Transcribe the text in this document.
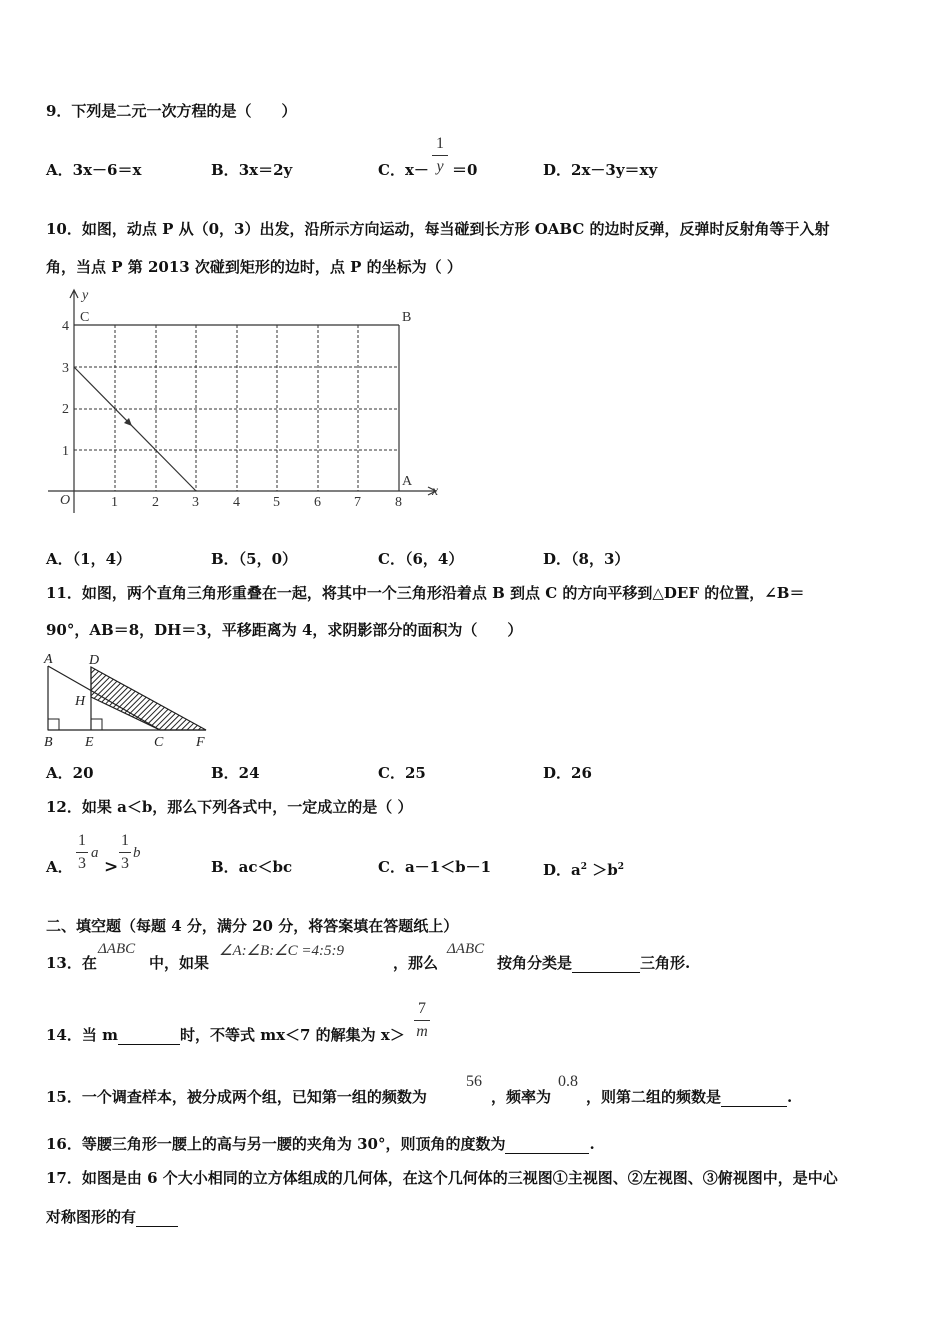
9．下列是二元一次方程的是（　　）
A．3x－6＝x	B．3x＝2y	C．x－
1
y ＝0	D．2x－3y＝xy
10．如图，动点 P 从（0，3）出发，沿所示方向运动，每当碰到长方形 OABC 的边时反弹，反弹时反射角等于入射
角，当点 P 第 2013 次碰到矩形的边时，点 P 的坐标为（ ）
y
x
O
C	B
A
4
3
2
1
1 2 3 4 5 6 7 8
A．（1，4）	B．（5，0）	C．（6，4）	D．（8，3）
11．如图，两个直角三角形重叠在一起，将其中一个三角形沿着点 B 到点 C 的方向平移到△DEF 的位置，∠B＝
90°，AB＝8，DH＝3，平移距离为 4，求阴影部分的面积为（　　）
A	D
H
B E	C F
A．20	B．24	C．25	D．26
12．如果 a＜b，那么下列各式中，一定成立的是（ ）
A．
1
3
a
>
1
3
b
B．ac＜bc	C．a－1＜b－1	D．$a^2 >b^2$
二、填空题（每题 4 分，满分 20 分，将答案填在答题纸上）
13．在
ΔABC
中，如果
∠A:∠B:∠C =4:5:9
，那么
ΔABC
按角分类是	三角形.
14．当 m	时，不等式 mx＜7 的解集为 x＞
7
m
15．一个调查样本，被分成两个组，已知第一组的频数为
56
，频率为
0.8
，则第二组的频数是	.
16．等腰三角形一腰上的高与另一腰的夹角为 30°，则顶角的度数为	.
17．如图是由 6 个大小相同的立方体组成的几何体，在这个几何体的三视图①主视图、②左视图、③俯视图中，是中心
对称图形的有
